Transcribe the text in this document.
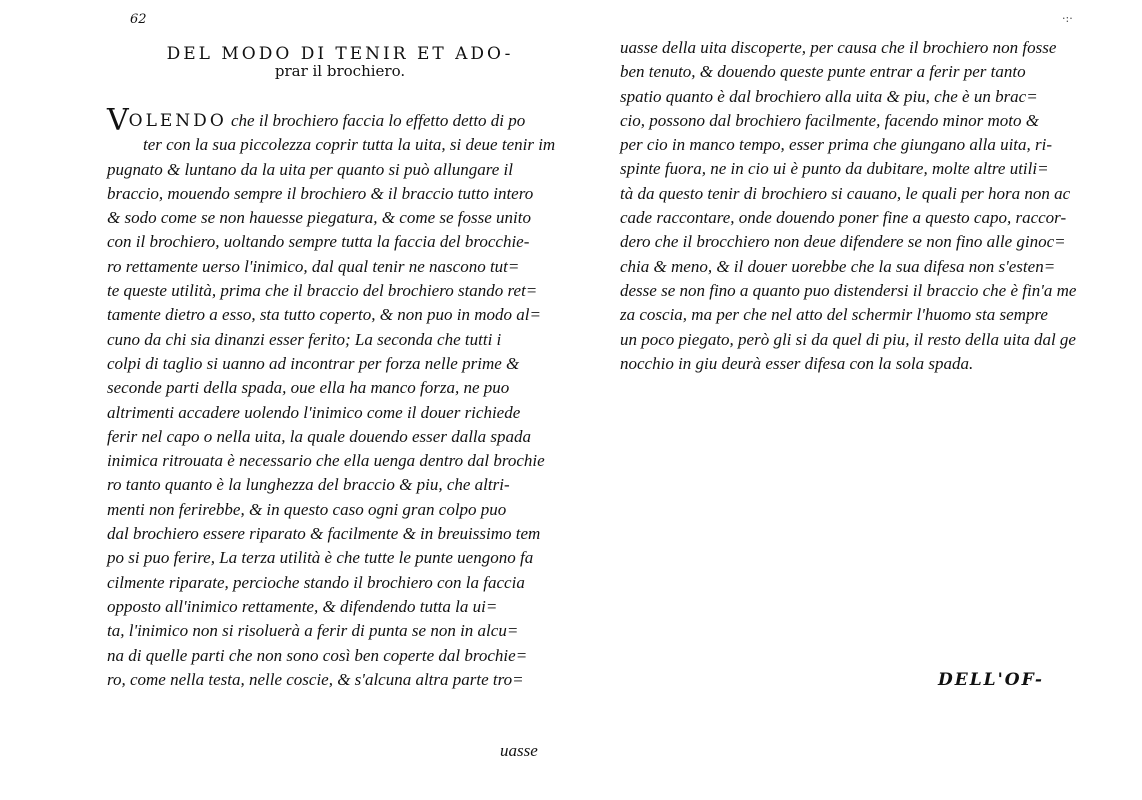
62
DEL MODO DI TENIR ET ADO-
prar il brochiero.
VOLENDO che il brochiero faccia lo effetto detto di po
ter con la sua piccolezza coprir tutta la uita, si deue tenir im
pugnato & luntano da la uita per quanto si può allungare il
braccio, mouendo sempre il brochiero & il braccio tutto intero
& sodo come se non hauesse piegatura, & come se fosse unito
con il brochiero, uoltando sempre tutta la faccia del brocchie-
ro rettamente uerso l'inimico, dal qual tenir ne nascono tut=
te queste utilità, prima che il braccio del brochiero stando ret=
tamente dietro a esso, sta tutto coperto, & non puo in modo al=
cuno da chi sia dinanzi esser ferito; La seconda che tutti i
colpi di taglio si uanno ad incontrar per forza nelle prime &
seconde parti della spada, oue ella ha manco forza, ne puo
altrimenti accadere uolendo l'inimico come il douer richiede
ferir nel capo o nella uita, la quale douendo esser dalla spada
inimica ritrouata è necessario che ella uenga dentro dal brochie
ro tanto quanto è la lunghezza del braccio & piu, che altri-
menti non ferirebbe, & in questo caso ogni gran colpo puo
dal brochiero essere riparato & facilmente & in breuissimo tem
po si puo ferire, La terza utilità è che tutte le punte uengono fa
cilmente riparate, percioche stando il brochiero con la faccia
opposto all'inimico rettamente, & difendendo tutta la ui=
ta, l'inimico non si risoluerà a ferir di punta se non in alcu=
na di quelle parti che non sono così ben coperte dal brochie=
ro, come nella testa, nelle coscie, & s'alcuna altra parte tro=
uasse
·:·
uasse della uita discoperte, per causa che il brochiero non fosse
ben tenuto, & douendo queste punte entrar a ferir per tanto
spatio quanto è dal brochiero alla uita & piu, che è un brac=
cio, possono dal brochiero facilmente, facendo minor moto &
per cio in manco tempo, esser prima che giungano alla uita, ri-
spinte fuora, ne in cio ui è punto da dubitare, molte altre utili=
tà da questo tenir di brochiero si cauano, le quali per hora non ac
cade raccontare, onde douendo poner fine a questo capo, raccor-
dero che il brocchiero non deue difendere se non fino alle ginoc=
chia & meno, & il douer uorebbe che la sua difesa non s'esten=
desse se non fino a quanto puo distendersi il braccio che è fin'a me
za coscia, ma per che nel atto del schermir l'huomo sta sempre
un poco piegato, però gli si da quel di piu, il resto della uita dal ge
nocchio in giu deurà esser difesa con la sola spada.
DELL'OF-
